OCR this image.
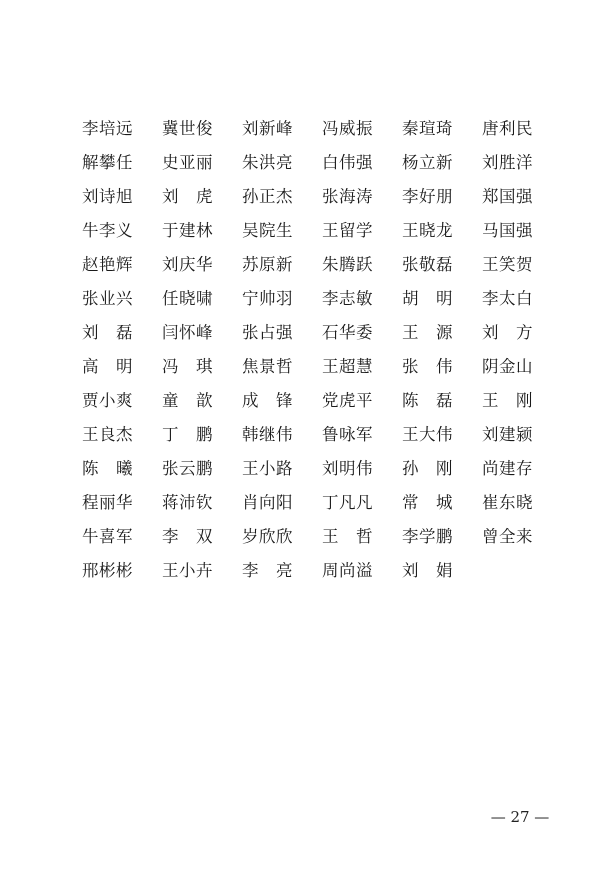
李培远	冀世俊	刘新峰	冯威振	秦瑄琦	唐利民
解攀任	史亚丽	朱洪亮	白伟强	杨立新	刘胜洋
刘诗旭	刘　虎	孙正杰	张海涛	李好朋	郑国强
牛李义	于建林	吴院生	王留学	王晓龙	马国强
赵艳辉	刘庆华	苏原新	朱腾跃	张敬磊	王笑贺
张业兴	任晓啸	宁帅羽	李志敏	胡　明	李太白
刘　磊	闫怀峰	张占强	石华委	王　源	刘　方
高　明	冯　琪	焦景哲	王超慧	张　伟	阴金山
贾小爽	童　歆	成　锋	党虎平	陈　磊	王　刚
王良杰	丁　鹏	韩继伟	鲁咏军	王大伟	刘建颍
陈　曦	张云鹏	王小路	刘明伟	孙　刚	尚建存
程丽华	蒋沛钦	肖向阳	丁凡凡	常　城	崔东晓
牛喜军	李　双	岁欣欣	王　哲	李学鹏	曾全来
邢彬彬	王小卉	李　亮	周尚溢	刘　娟
— 27 —
